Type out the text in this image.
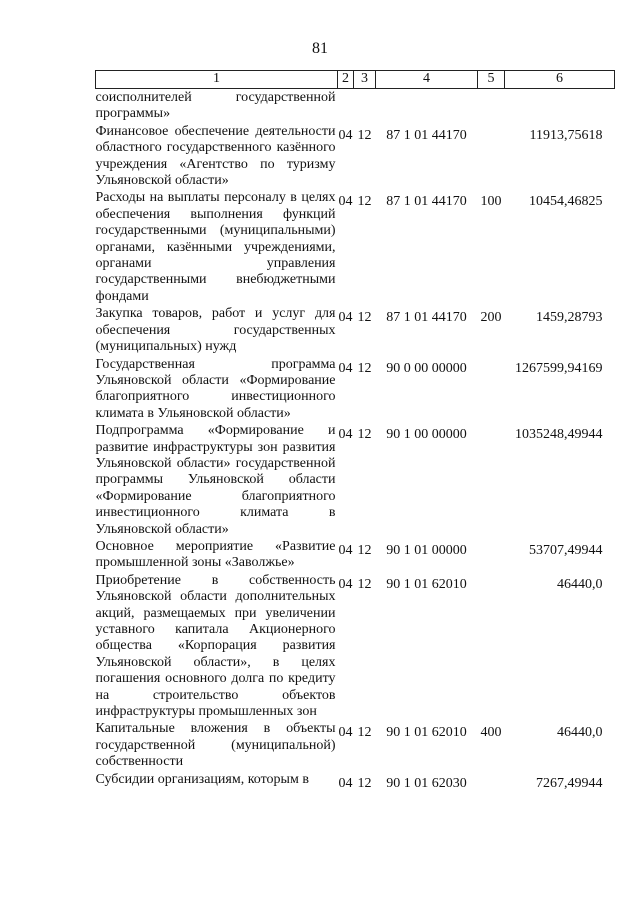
81
1	2	3	4	5	6
соисполнителей государственной программы»					
Финансовое обеспечение деятельности областного государственного казённого учреждения «Агентство по туризму Ульяновской области»	04	12	87 1 01 44170		11913,75618
Расходы на выплаты персоналу в целях обеспечения выполнения функций государственными (муниципальными) органами, казёнными учреждениями, органами управления государственными внебюджетными фондами	04	12	87 1 01 44170	100	10454,46825
Закупка товаров, работ и услуг для обеспечения государственных (муниципальных) нужд	04	12	87 1 01 44170	200	1459,28793
Государственная программа Ульяновской области «Формирование благоприятного инвестиционного климата в Ульяновской области»	04	12	90 0 00 00000		1267599,94169
Подпрограмма «Формирование и развитие инфраструктуры зон развития Ульяновской области» государственной программы Ульяновской области «Формирование благоприятного инвестиционного климата в Ульяновской области»	04	12	90 1 00 00000		1035248,49944
Основное мероприятие «Развитие промышленной зоны «Заволжье»	04	12	90 1 01 00000		53707,49944
Приобретение в собственность Ульяновской области дополнительных акций, размещаемых при увеличении уставного капитала Акционерного общества «Корпорация развития Ульяновской области», в целях погашения основного долга по кредиту на строительство объектов инфраструктуры промышленных зон	04	12	90 1 01 62010		46440,0
Капитальные вложения в объекты государственной (муниципальной) собственности	04	12	90 1 01 62010	400	46440,0
Субсидии организациям, которым в	04	12	90 1 01 62030		7267,49944
